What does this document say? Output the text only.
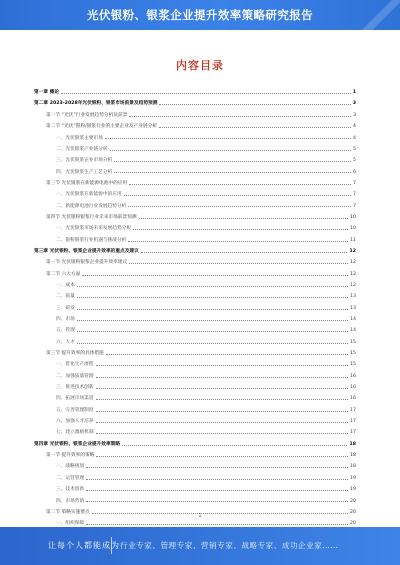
光伏银粉、银浆企业提升效率策略研究报告
内容目录
第一章 概论	1
第二章 2023-2028年光伏银粉、银浆市场前景及趋势预测	3
第一节 “光伏”行业发展趋势分析及前景	3
第二节 “光伏”银粉/银浆行业的主要企业及产业链分析	4
一、光伏银浆主要市场	4
二、光伏银浆产业链分析	5
三、光伏银浆企业市场分析	5
四、光伏银浆生产工艺分析	6
第三节 光伏银浆在新能源电池中的应用	7
一、光伏银浆在新能源中的应用	7
二、新能源电池行业发展趋势分析	7
第四节 光伏银粉银浆行业未来市场前景预测	10
一、光伏银浆市场未来发展趋势分析	10
二、银粉银浆行业机遇与挑战分析	11
第三章 光伏银粉、银浆企业提升效率的重点及建议	12
第一节 光伏银粉银浆企业提升效率建议	12
第二节 六大方面	12
一、成本	12
二、质量	13
三、研发	13
四、市场	14
五、管理	14
六、人才	15
第三节 提升效率的具体措施	15
一、优化生产流程	15
二、加强质量管理	16
三、推进技术创新	16
四、拓展市场渠道	16
五、完善管理制度	17
六、加强人才培养	17
七、建立激励机制	17
第四章 光伏银粉、银浆企业提升效率策略	18
第一节 提升效率的策略	18
一、战略规划	18
二、运营管理	19
三、技术创新	19
四、市场营销	20
第二节 策略实施要点	20
一、组织保障	20
1
让每个人都能成为 行业专家、管理专家、营销专家、战略专家、成功企业家……
